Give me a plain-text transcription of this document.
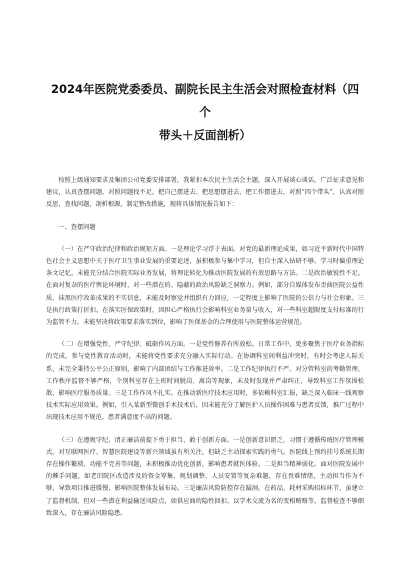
2024年医院党委委员、副院长民主生活会对照检查材料（四个
带头＋反面剖析）

按照上级通知要求及集团公司党委安排部署，我紧扣本次民主生活会主题，深入开展谈心谈话，广泛征求意见和建议，认真查摆问题，对照问题找不足，把自己摆进去、把思想摆进去、把工作摆进去，对照“四个带头”，认真对照反思，查找问题，剖析根源，制定整改措施，现将具体情况报告如下：

一、查摆问题

（一）在严守政治纪律和政治规矩方面。一是理论学习浮于表面。对党的最新理论成果，如习近平新时代中国特色社会主义思想中关于医疗卫生事业发展的重要论述，虽积极参与集中学习，但自主深入钻研不够。学习时偏重理论条文记忆，未能充分结合医院实际业务发展，将理论转化为推动医院发展的有效思路与方法。二是政治敏锐性不足。在面对复杂的医疗舆论环境时，对一些潜在的、隐蔽的政治风险缺乏洞察力。例如，部分自媒体发布歪曲医院公益性质、抹黑医疗改革成果的不实信息，未能及时察觉并组织有力回应，一定程度上影响了医院的公信力与社会形象。三是执行政策打折扣。在落实医保政策时，因担心严格执行会影响科室业务量与收入，对一些科室超限度支付标准的行为监管不力，未能坚决将政策要求落实到位，影响了医保基金的合理使用与医院整体运营规范。

（二）在增强党性、严守纪律、砥砺作风方面。一是党性修养有所放松。日常工作中，更多聚焦于医疗业务指标的完成，参与党性教育活动时，未能将党性要求充分融入实际行动。在协调科室间利益冲突时，有时会考虑人际关系，未完全秉持公平公正原则，影响了内部团结与工作推进效率。二是工作纪律执行不严。对分管科室的考勤管理、工作秩序监督不够严格，个别科室存在上班时间脱岗、离岗等现象，未及时发现并严肃纠正，导致科室工作氛围松散，影响医疗服务质量。三是工作作风不扎实。在推动新医疗技术应用时，多依赖科室汇报，缺乏深入临床一线观察技术实际应用效果。例如，引入某新型微创手术技术后，因未能充分了解医护人员操作困难与患者反馈，推广过程中出现技术应用不规范、患者满意度不高的问题。

（三）在遵规守纪、清正廉洁前提下勇于担当、敢于创新方面。一是创新意识匮乏，习惯于遵循传统医疗管理模式。对互联网医疗、智慧医院建设等新兴领域虽有所关注，但缺乏主动探索实践的勇气。医院线上预约挂号系统长期存在操作繁琐、功能不完善等问题，未积极推动优化创新，影响患者就医体验。二是担当精神弱化。面对医院发展中的棘手问题，如老旧院区改造涉及的资金筹集、规划调整、人员安置等复杂难题，存在畏难情绪，主动担当作为不够，导致项目推进缓慢，影响医院整体发展布局。三是廉洁风险防控存在漏洞。在药品、耗材采购招标环节，虽建立了监督机制，但对一些潜在利益输送风险点，如供应商的隐性回扣、以学术交流为名的变相贿赂等，监督检查不够细致深入，存在廉洁风险隐患。
